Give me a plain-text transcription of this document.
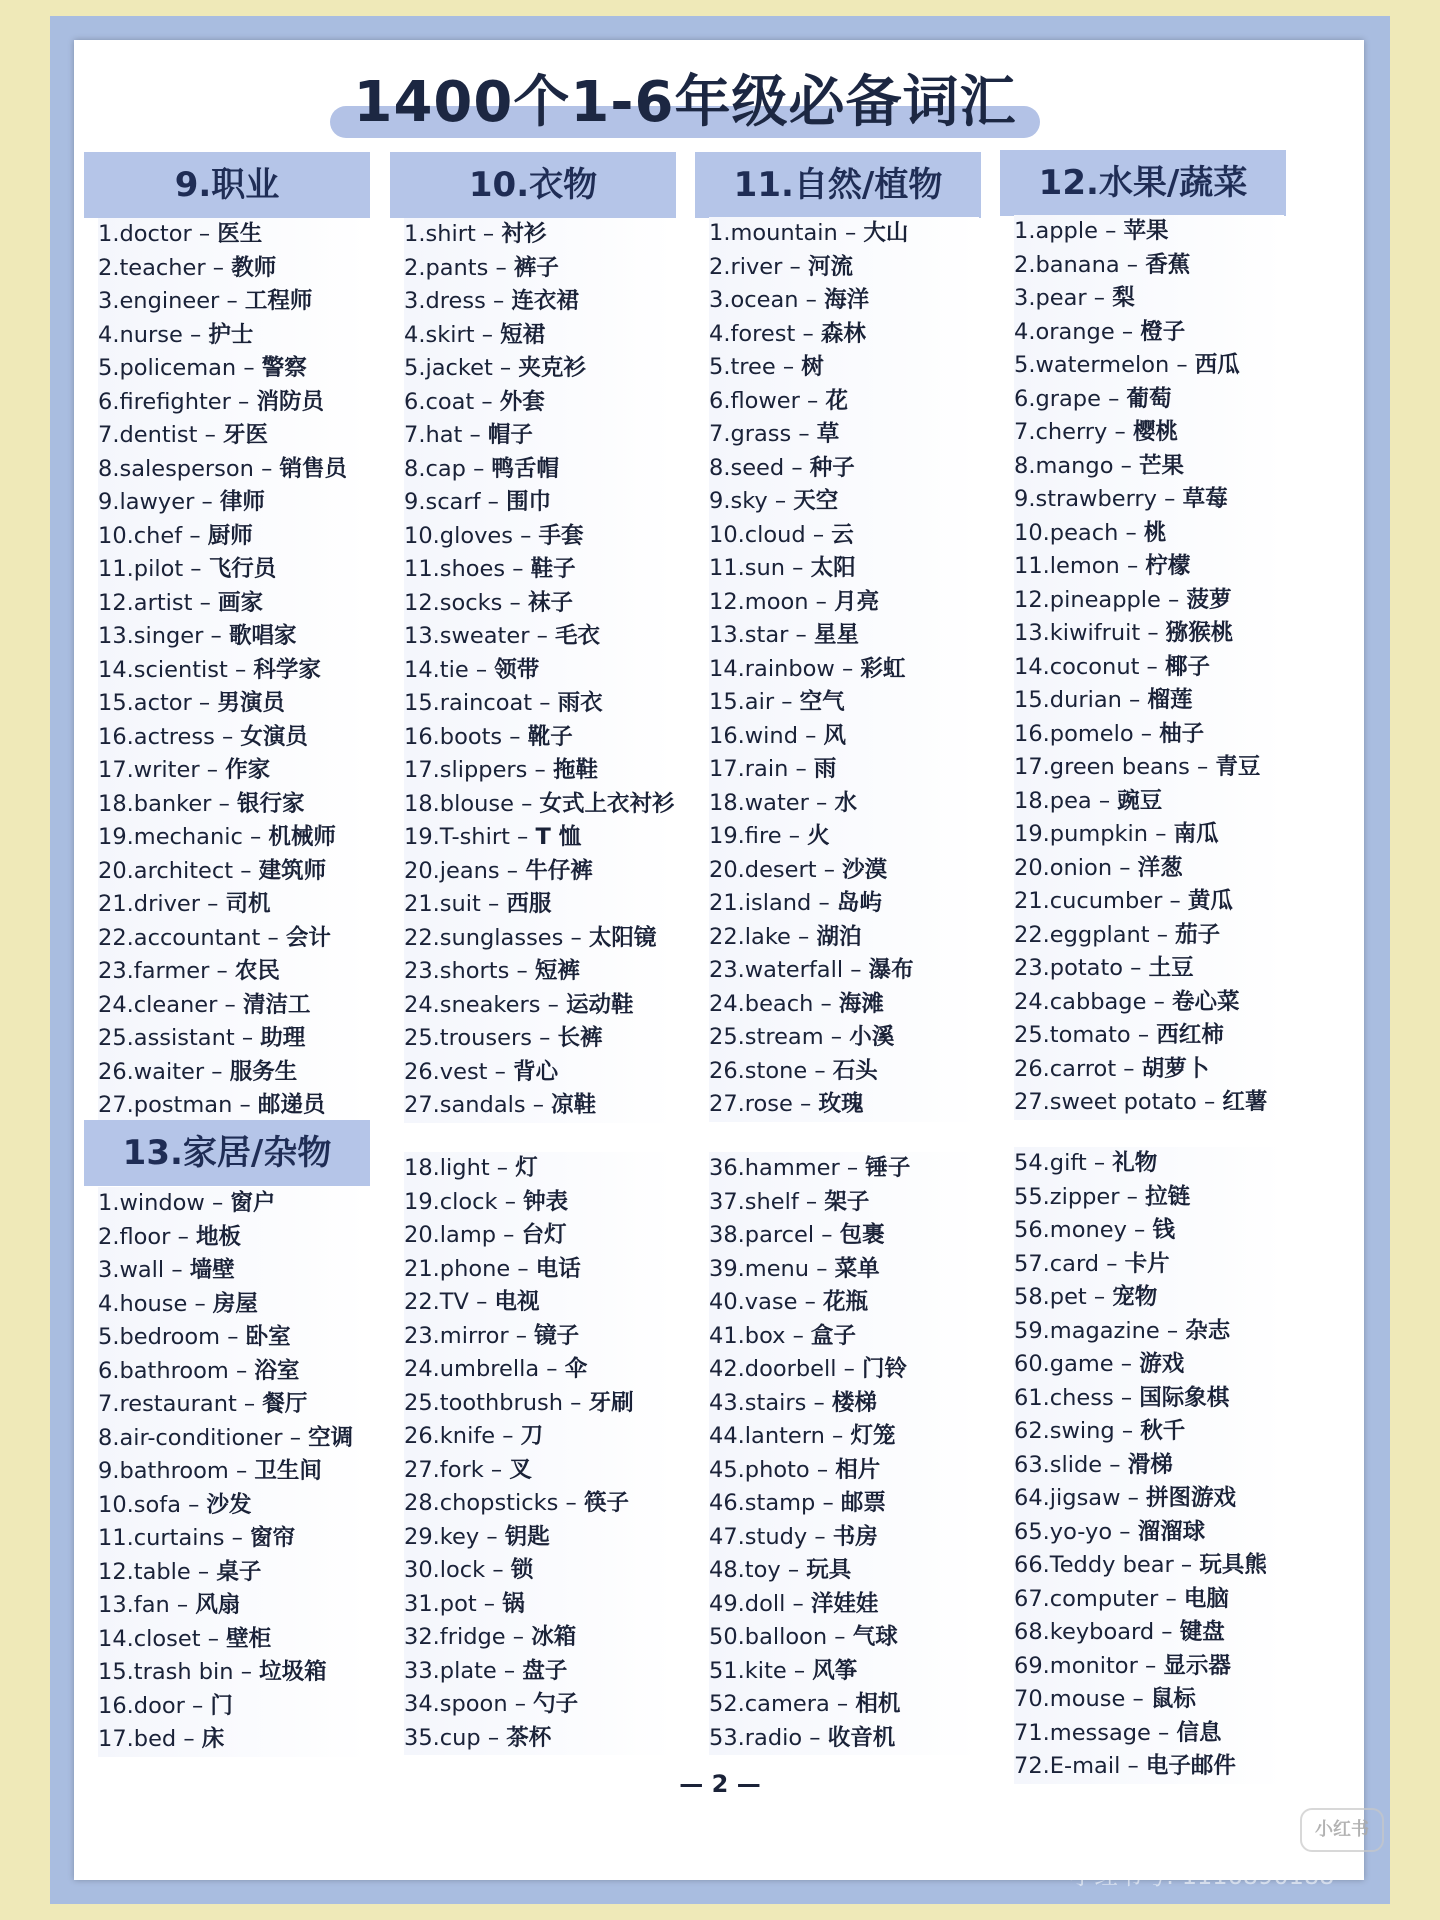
1400个1-6年级必备词汇
9.职业	10.衣物	11.自然/植物	12.水果/蔬菜
1.doctor – 医生
2.teacher – 教师
3.engineer – 工程师
4.nurse – 护士
5.policeman – 警察
6.firefighter – 消防员
7.dentist – 牙医
8.salesperson – 销售员
9.lawyer – 律师
10.chef – 厨师
11.pilot – 飞行员
12.artist – 画家
13.singer – 歌唱家
14.scientist – 科学家
15.actor – 男演员
16.actress – 女演员
17.writer – 作家
18.banker – 银行家
19.mechanic – 机械师
20.architect – 建筑师
21.driver – 司机
22.accountant – 会计
23.farmer – 农民
24.cleaner – 清洁工
25.assistant – 助理
26.waiter – 服务生
27.postman – 邮递员
1.shirt – 衬衫
2.pants – 裤子
3.dress – 连衣裙
4.skirt – 短裙
5.jacket – 夹克衫
6.coat – 外套
7.hat – 帽子
8.cap – 鸭舌帽
9.scarf – 围巾
10.gloves – 手套
11.shoes – 鞋子
12.socks – 袜子
13.sweater – 毛衣
14.tie – 领带
15.raincoat – 雨衣
16.boots – 靴子
17.slippers – 拖鞋
18.blouse – 女式上衣衬衫
19.T-shirt – T 恤
20.jeans – 牛仔裤
21.suit – 西服
22.sunglasses – 太阳镜
23.shorts – 短裤
24.sneakers – 运动鞋
25.trousers – 长裤
26.vest – 背心
27.sandals – 凉鞋
1.mountain – 大山
2.river – 河流
3.ocean – 海洋
4.forest – 森林
5.tree – 树
6.flower – 花
7.grass – 草
8.seed – 种子
9.sky – 天空
10.cloud – 云
11.sun – 太阳
12.moon – 月亮
13.star – 星星
14.rainbow – 彩虹
15.air – 空气
16.wind – 风
17.rain – 雨
18.water – 水
19.fire – 火
20.desert – 沙漠
21.island – 岛屿
22.lake – 湖泊
23.waterfall – 瀑布
24.beach – 海滩
25.stream – 小溪
26.stone – 石头
27.rose – 玫瑰
1.apple – 苹果
2.banana – 香蕉
3.pear – 梨
4.orange – 橙子
5.watermelon – 西瓜
6.grape – 葡萄
7.cherry – 樱桃
8.mango – 芒果
9.strawberry – 草莓
10.peach – 桃
11.lemon – 柠檬
12.pineapple – 菠萝
13.kiwifruit – 猕猴桃
14.coconut – 椰子
15.durian – 榴莲
16.pomelo – 柚子
17.green beans – 青豆
18.pea – 豌豆
19.pumpkin – 南瓜
20.onion – 洋葱
21.cucumber – 黄瓜
22.eggplant – 茄子
23.potato – 土豆
24.cabbage – 卷心菜
25.tomato – 西红柿
26.carrot – 胡萝卜
27.sweet potato – 红薯
13.家居/杂物
1.window – 窗户
2.floor – 地板
3.wall – 墙壁
4.house – 房屋
5.bedroom – 卧室
6.bathroom – 浴室
7.restaurant – 餐厅
8.air-conditioner – 空调
9.bathroom – 卫生间
10.sofa – 沙发
11.curtains – 窗帘
12.table – 桌子
13.fan – 风扇
14.closet – 壁柜
15.trash bin – 垃圾箱
16.door – 门
17.bed – 床
18.light – 灯
19.clock – 钟表
20.lamp – 台灯
21.phone – 电话
22.TV – 电视
23.mirror – 镜子
24.umbrella – 伞
25.toothbrush – 牙刷
26.knife – 刀
27.fork – 叉
28.chopsticks – 筷子
29.key – 钥匙
30.lock – 锁
31.pot – 锅
32.fridge – 冰箱
33.plate – 盘子
34.spoon – 勺子
35.cup – 茶杯
36.hammer – 锤子
37.shelf – 架子
38.parcel – 包裹
39.menu – 菜单
40.vase – 花瓶
41.box – 盒子
42.doorbell – 门铃
43.stairs – 楼梯
44.lantern – 灯笼
45.photo – 相片
46.stamp – 邮票
47.study – 书房
48.toy – 玩具
49.doll – 洋娃娃
50.balloon – 气球
51.kite – 风筝
52.camera – 相机
53.radio – 收音机
54.gift – 礼物
55.zipper – 拉链
56.money – 钱
57.card – 卡片
58.pet – 宠物
59.magazine – 杂志
60.game – 游戏
61.chess – 国际象棋
62.swing – 秋千
63.slide – 滑梯
64.jigsaw – 拼图游戏
65.yo-yo – 溜溜球
66.Teddy bear – 玩具熊
67.computer – 电脑
68.keyboard – 键盘
69.monitor – 显示器
70.mouse – 鼠标
71.message – 信息
72.E-mail – 电子邮件
— 2 —
小红书
小红书号: 1116890188
